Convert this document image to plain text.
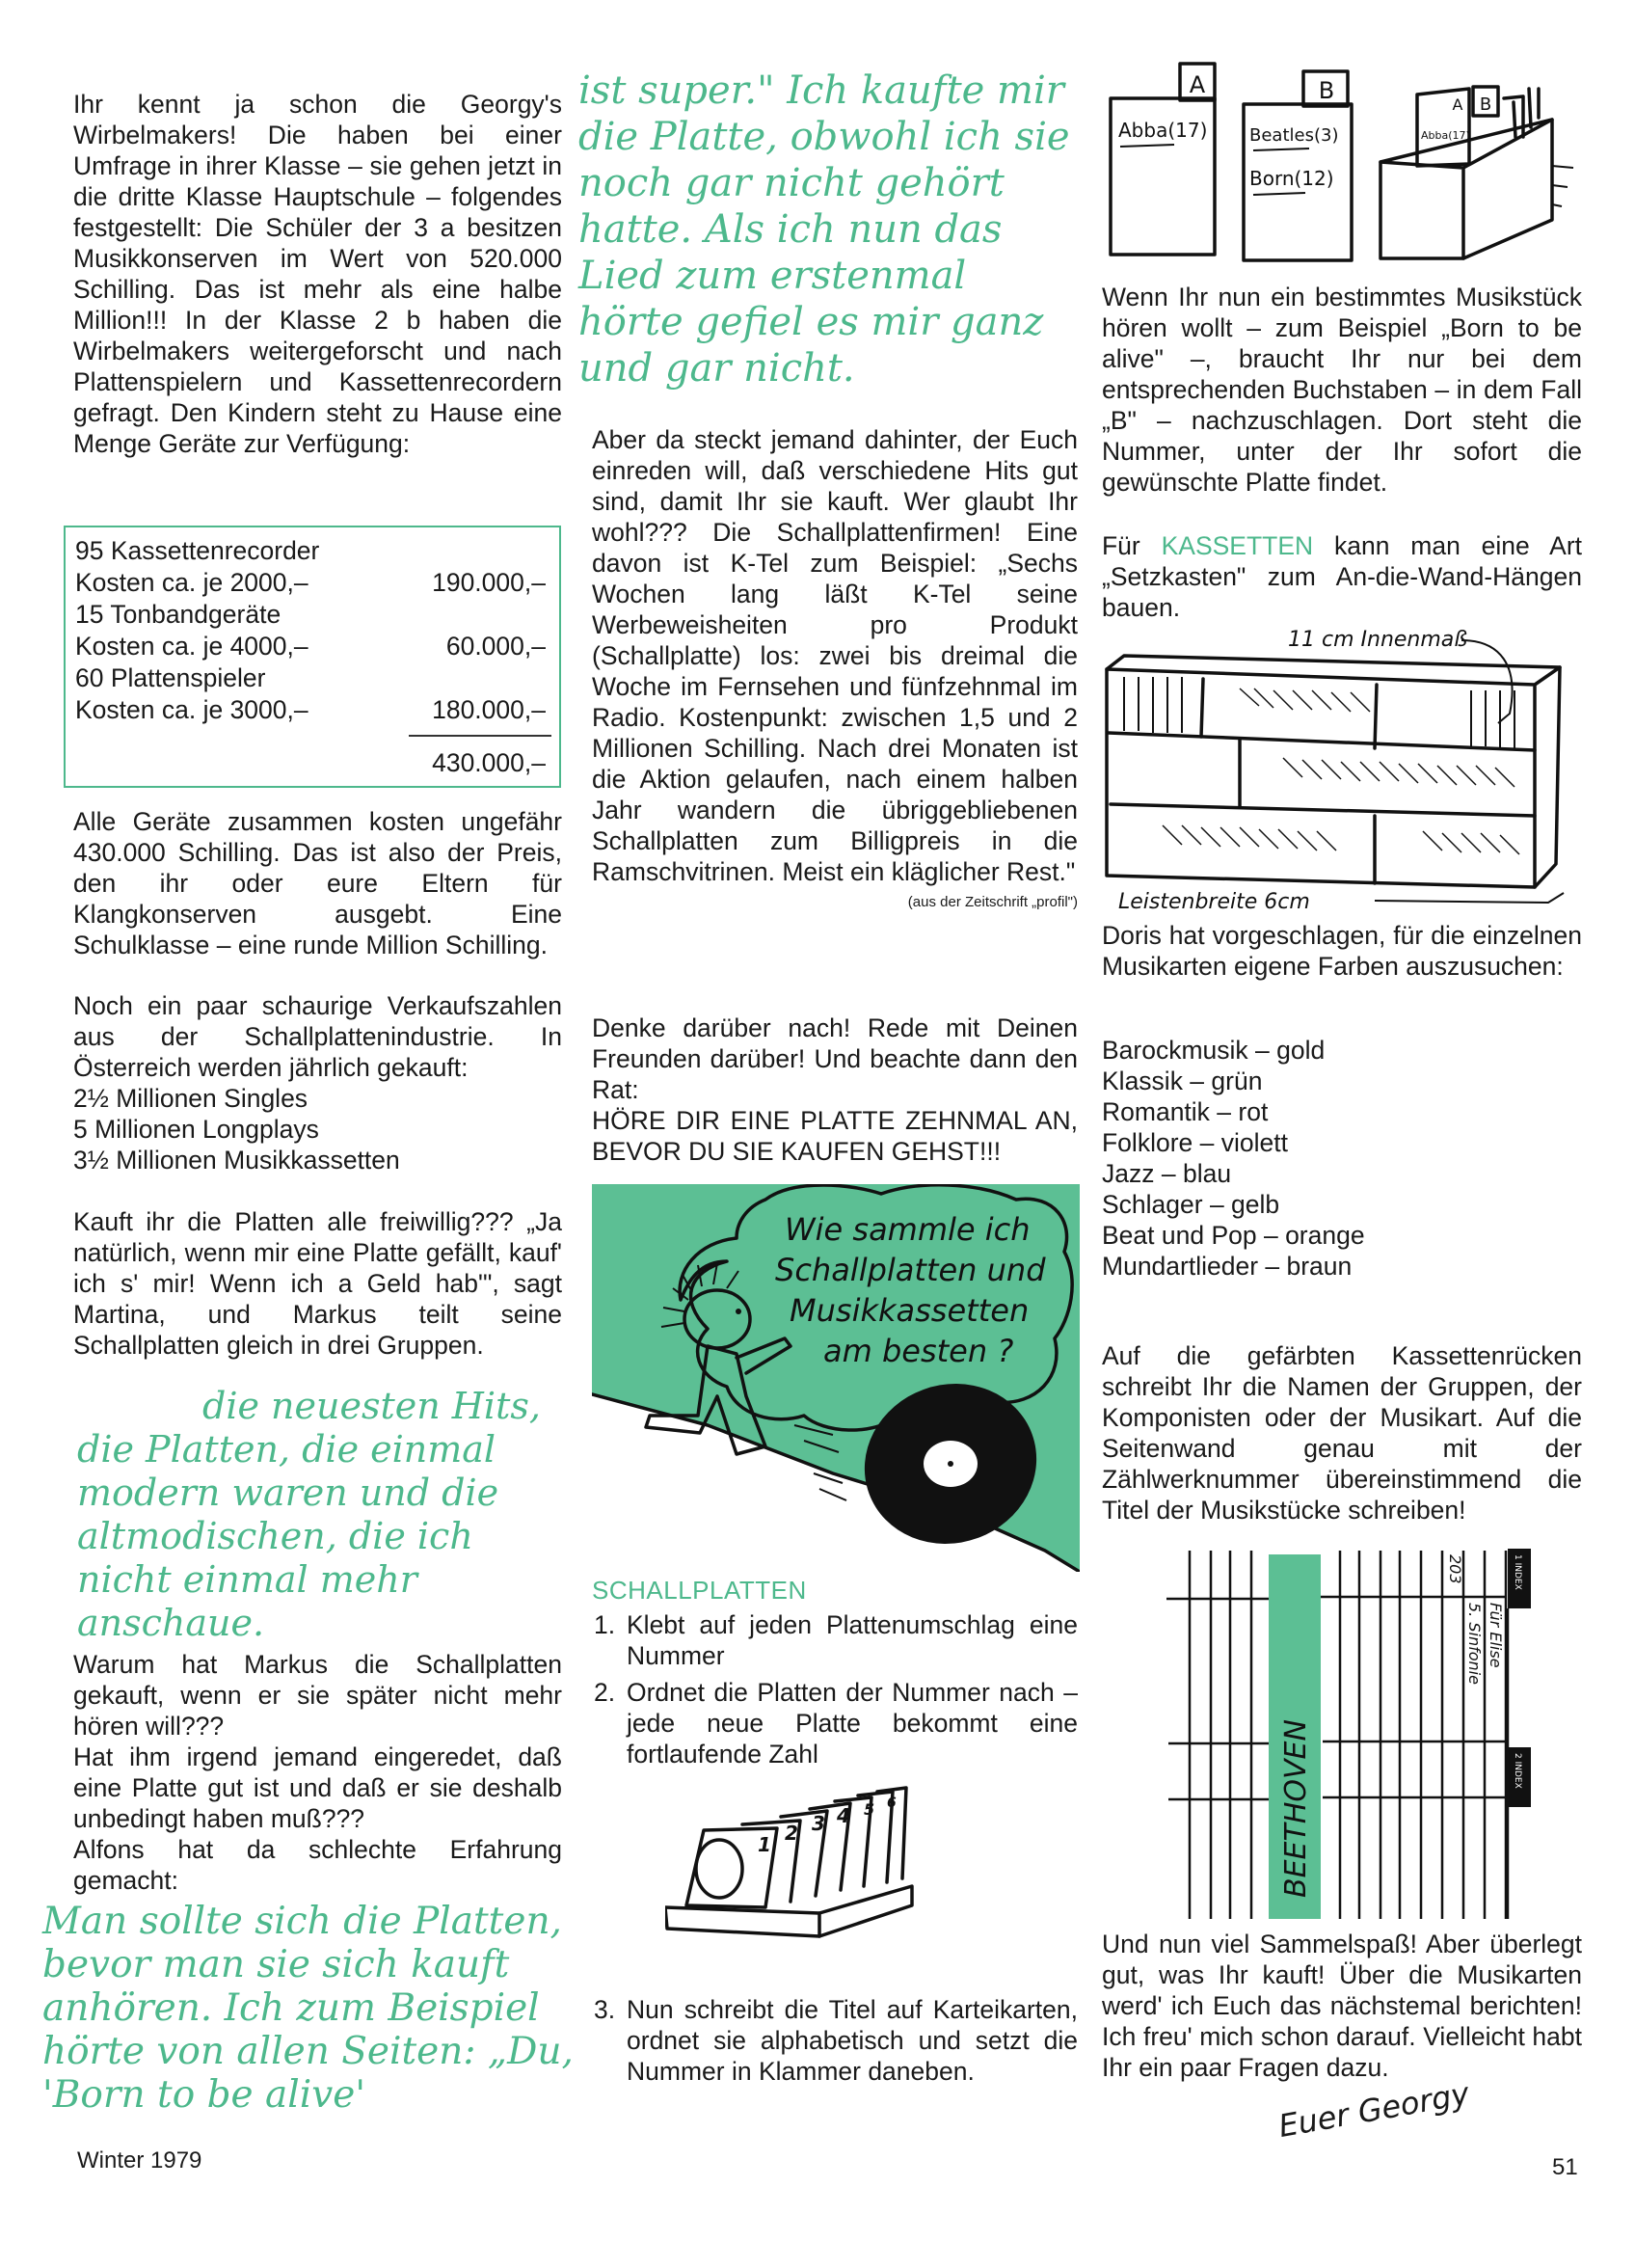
Ihr kennt ja schon die Georgy's Wirbelmakers! Die haben bei einer Umfrage in ihrer Klasse – sie gehen jetzt in die dritte Klasse Hauptschule – folgendes festgestellt: Die Schüler der 3 a besitzen Musikkonserven im Wert von 520.000 Schilling. Das ist mehr als eine halbe Million!!! In der Klasse 2 b haben die Wirbelmakers weitergeforscht und nach Plattenspielern und Kassettenrecordern gefragt. Den Kindern steht zu Hause eine Menge Geräte zur Verfügung:

95 Kassettenrecorder
Kosten ca. je 2000,–	190.000,–
15 Tonbandgeräte
Kosten ca. je 4000,–	60.000,–
60 Plattenspieler
Kosten ca. je 3000,–	180.000,–
430.000,–

Alle Geräte zusammen kosten ungefähr 430.000 Schilling. Das ist also der Preis, den ihr oder eure Eltern für Klangkonserven ausgebt. Eine Schulklasse – eine runde Million Schilling.

Noch ein paar schaurige Verkaufszahlen aus der Schallplattenindustrie. In Österreich werden jährlich gekauft:

2½ Millionen Singles
5 Millionen Longplays
3½ Millionen Musikkassetten

Kauft ihr die Platten alle freiwillig??? „Ja natürlich, wenn mir eine Platte gefällt, kauf' ich s' mir! Wenn ich a Geld hab'", sagt Martina, und Markus teilt seine Schallplatten gleich in drei Gruppen.

die neuesten Hits, die Platten, die einmal modern waren und die altmodischen, die ich nicht einmal mehr anschaue.

Warum hat Markus die Schallplatten gekauft, wenn er sie später nicht mehr hören will???

Hat ihm irgend jemand eingeredet, daß eine Platte gut ist und daß er sie deshalb unbedingt haben muß???

Alfons hat da schlechte Erfahrung gemacht:

Man sollte sich die Platten, bevor man sie sich kauft anhören. Ich zum Beispiel hörte von allen Seiten: „Du, 'Born to be alive'

Winter 1979

ist super." Ich kaufte mir die Platte, obwohl ich sie noch gar nicht gehört hatte. Als ich nun das Lied zum erstenmal hörte gefiel es mir ganz und gar nicht.

Aber da steckt jemand dahinter, der Euch einreden will, daß verschiedene Hits gut sind, damit Ihr sie kauft. Wer glaubt Ihr wohl??? Die Schallplattenfirmen! Eine davon ist K-Tel zum Beispiel: „Sechs Wochen lang läßt K-Tel seine Werbeweisheiten pro Produkt (Schallplatte) los: zwei bis dreimal die Woche im Fernsehen und fünfzehnmal im Radio. Kostenpunkt: zwischen 1,5 und 2 Millionen Schilling. Nach drei Monaten ist die Aktion gelaufen, nach einem halben Jahr wandern die übriggebliebenen Schallplatten zum Billigpreis in die Ramschvitrinen. Meist ein kläglicher Rest."

(aus der Zeitschrift „profil")

Denke darüber nach! Rede mit Deinen Freunden darüber! Und beachte dann den Rat:

HÖRE DIR EINE PLATTE ZEHNMAL AN, BEVOR DU SIE KAUFEN GEHST!!!

Wie sammle ich
Schallplatten und
Musikkassetten
am besten ?
SCHALLPLATTEN
1. Klebt auf jeden Plattenumschlag eine Nummer
2. Ordnet die Platten der Nummer nach – jede neue Platte bekommt eine fortlaufende Zahl
1 2 3 4 5 6
3. Nun schreibt die Titel auf Karteikarten, ordnet sie alphabetisch und setzt die Nummer in Klammer daneben.
A
Abba(17)
B
Beatles(3)
Born(12)
B
A
Abba(17)

Wenn Ihr nun ein bestimmtes Musikstück hören wollt – zum Beispiel „Born to be alive" –, braucht Ihr nur bei dem entsprechenden Buchstaben – in dem Fall „B" – nachzuschlagen. Dort steht die Nummer, unter der Ihr sofort die gewünschte Platte findet.

Für KASSETTEN kann man eine Art „Setzkasten" zum An-die-Wand-Hängen bauen.

11 cm Innenmaß
Leistenbreite 6cm

Doris hat vorgeschlagen, für die einzelnen Musikarten eigene Farben auszusuchen:

Barockmusik – gold
Klassik – grün
Romantik – rot
Folklore – violett
Jazz – blau
Schlager – gelb
Beat und Pop – orange
Mundartlieder – braun

Auf die gefärbten Kassettenrücken schreibt Ihr die Namen der Gruppen, der Komponisten oder der Musikart. Auf die Seitenwand genau mit der Zählwerknummer übereinstimmend die Titel der Musikstücke schreiben!

BEETHOVEN
203
5. Sinfonie Für Elise
1 INDEX
2 INDEX

Und nun viel Sammelspaß! Aber überlegt gut, was Ihr kauft! Über die Musikarten werd' ich Euch das nächstemal berichten! Ich freu' mich schon darauf. Vielleicht habt Ihr ein paar Fragen dazu.

Euer Georgy
51
